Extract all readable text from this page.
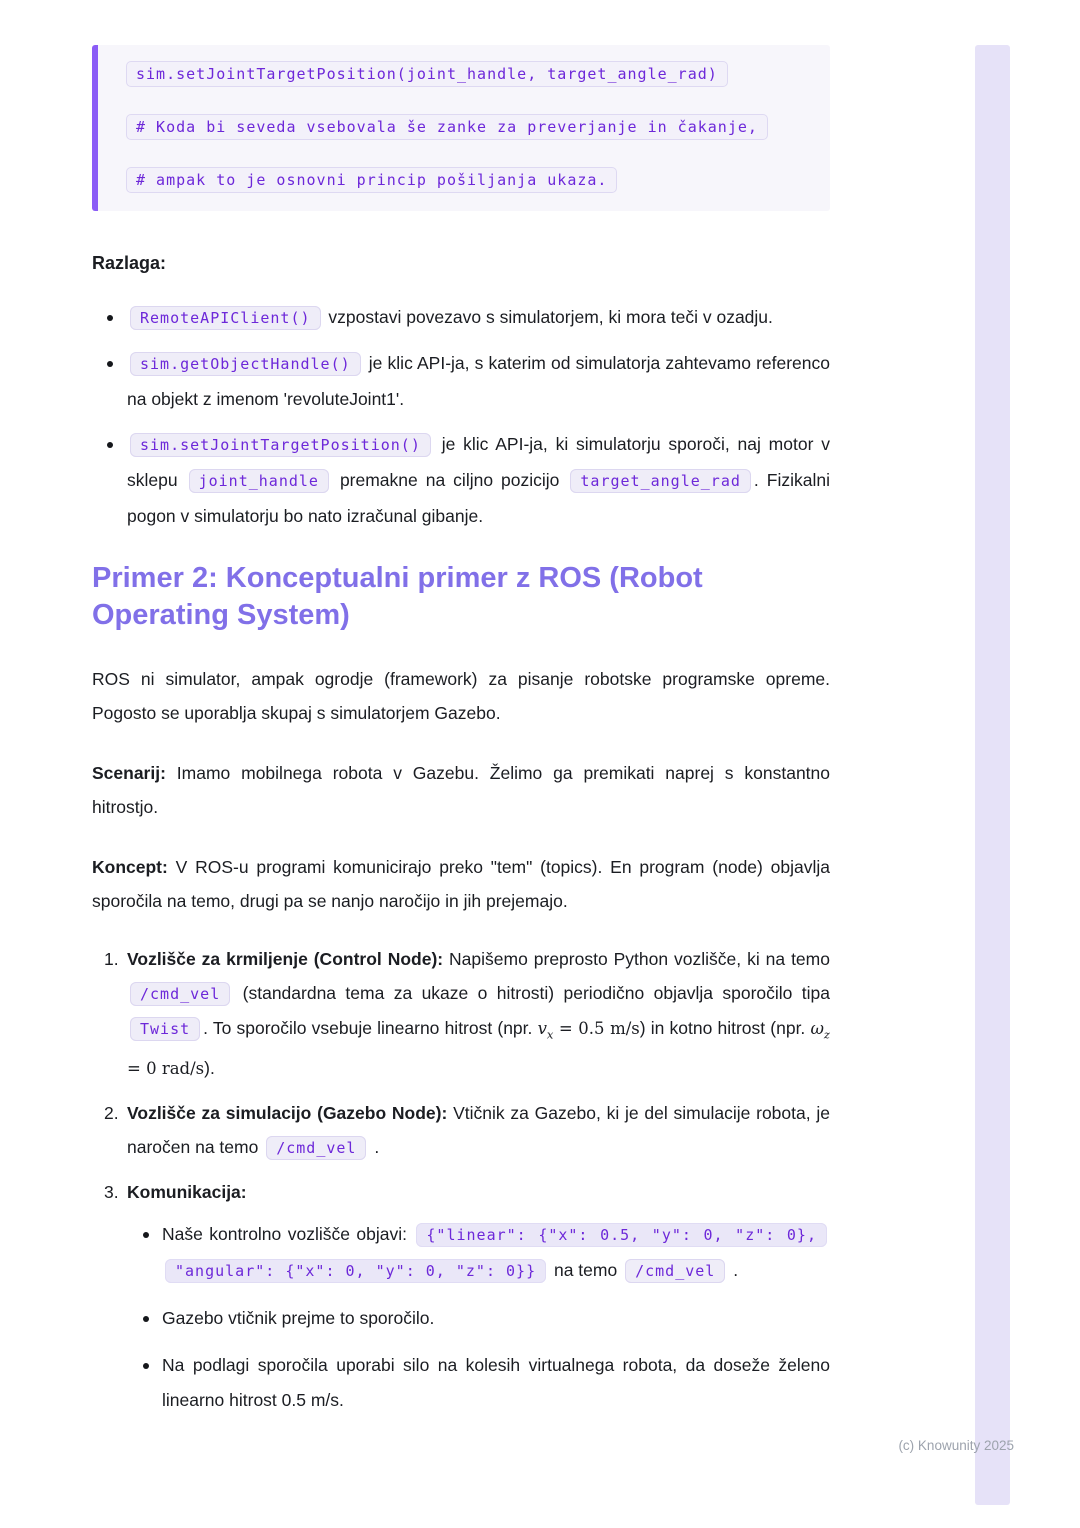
sim.setJointTargetPosition(joint_handle, target_angle_rad)
# Koda bi seveda vsebovala še zanke za preverjanje in čakanje,
# ampak to je osnovni princip pošiljanja ukaza.

Razlaga:

RemoteAPIClient() vzpostavi povezavo s simulatorjem, ki mora teči v ozadju.
sim.getObjectHandle() je klic API-ja, s katerim od simulatorja zahtevamo referenco na objekt z imenom 'revoluteJoint1'.
sim.setJointTargetPosition() je klic API-ja, ki simulatorju sporoči, naj motor v sklepu joint_handle premakne na ciljno pozicijo target_angle_rad . Fizikalni pogon v simulatorju bo nato izračunal gibanje.
Primer 2: Konceptualni primer z ROS (Robot Operating System)

ROS ni simulator, ampak ogrodje (framework) za pisanje robotske programske opreme. Pogosto se uporablja skupaj s simulatorjem Gazebo.

Scenarij: Imamo mobilnega robota v Gazebu. Želimo ga premikati naprej s konstantno hitrostjo.

Koncept: V ROS-u programi komunicirajo preko "tem" (topics). En program (node) objavlja sporočila na temo, drugi pa se nanjo naročijo in jih prejemajo.

1. Vozlišče za krmiljenje (Control Node): Napišemo preprosto Python vozlišče, ki na temo /cmd_vel (standardna tema za ukaze o hitrosti) periodično objavlja sporočilo tipa Twist . To sporočilo vsebuje linearno hitrost (npr. $v_x = 0.5$ m/s) in kotno hitrost (npr. $\omega_z = 0$ rad/s).
2. Vozlišče za simulacijo (Gazebo Node): Vtičnik za Gazebo, ki je del simulacije robota, je naročen na temo /cmd_vel .
3. Komunikacija:
Naše kontrolno vozlišče objavi: {"linear": {"x": 0.5, "y": 0, "z": 0}, "angular": {"x": 0, "y": 0, "z": 0}} na temo /cmd_vel .
Gazebo vtičnik prejme to sporočilo.
Na podlagi sporočila uporabi silo na kolesih virtualnega robota, da doseže želeno linearno hitrost 0.5 m/s.
(c) Knowunity 2025
